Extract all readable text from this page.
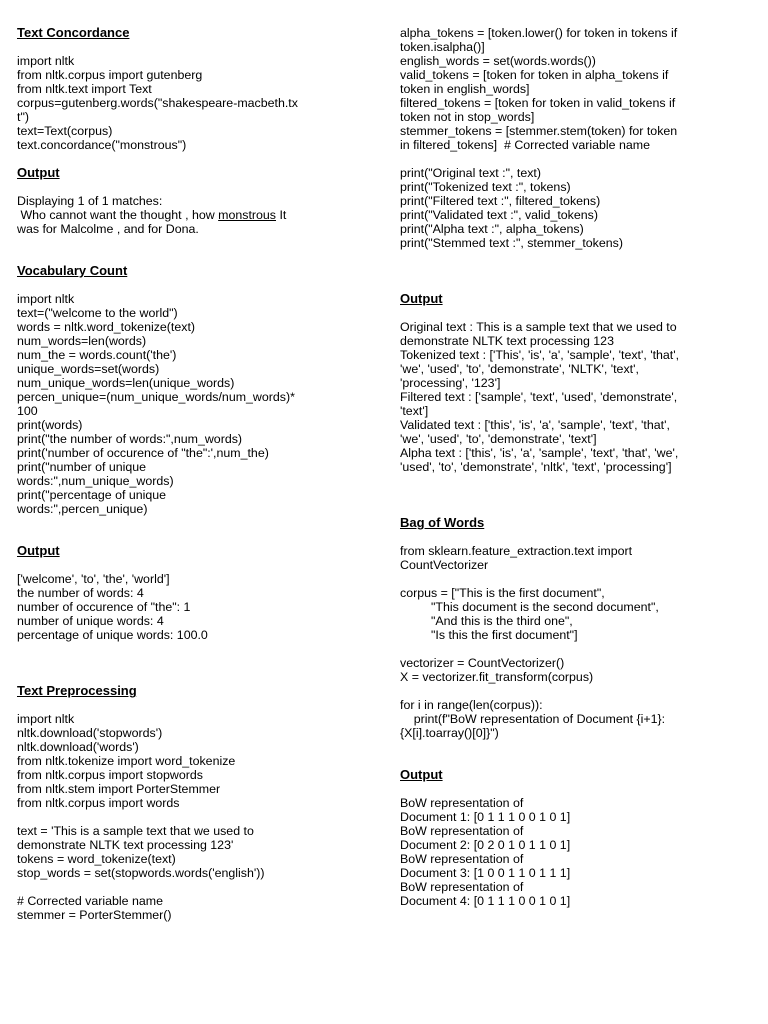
Text Concordance
import nltk
from nltk.corpus import gutenberg
from nltk.text import Text
corpus=gutenberg.words("shakespeare-macbeth.tx
t")
text=Text(corpus)
text.concordance("monstrous")
Output
Displaying 1 of 1 matches:
Who cannot want the thought , how monstrous It
was for Malcolme , and for Dona.
Vocabulary Count
import nltk
text=("welcome to the world")
words = nltk.word_tokenize(text)
num_words=len(words)
num_the = words.count('the')
unique_words=set(words)
num_unique_words=len(unique_words)
percen_unique=(num_unique_words/num_words)*
100
print(words)
print("the number of words:",num_words)
print('number of occurence of "the":',num_the)
print("number of unique
words:",num_unique_words)
print("percentage of unique
words:",percen_unique)
Output
['welcome', 'to', 'the', 'world']
the number of words: 4
number of occurence of "the": 1
number of unique words: 4
percentage of unique words: 100.0
Text Preprocessing
import nltk
nltk.download('stopwords')
nltk.download('words')
from nltk.tokenize import word_tokenize
from nltk.corpus import stopwords
from nltk.stem import PorterStemmer
from nltk.corpus import words
text = 'This is a sample text that we used to
demonstrate NLTK text processing 123'
tokens = word_tokenize(text)
stop_words = set(stopwords.words('english'))
# Corrected variable name
stemmer = PorterStemmer()
alpha_tokens = [token.lower() for token in tokens if
token.isalpha()]
english_words = set(words.words())
valid_tokens = [token for token in alpha_tokens if
token in english_words]
filtered_tokens = [token for token in valid_tokens if
token not in stop_words]
stemmer_tokens = [stemmer.stem(token) for token
in filtered_tokens]  # Corrected variable name
print("Original text :", text)
print("Tokenized text :", tokens)
print("Filtered text :", filtered_tokens)
print("Validated text :", valid_tokens)
print("Alpha text :", alpha_tokens)
print("Stemmed text :", stemmer_tokens)
Output
Original text : This is a sample text that we used to
demonstrate NLTK text processing 123
Tokenized text : ['This', 'is', 'a', 'sample', 'text', 'that',
'we', 'used', 'to', 'demonstrate', 'NLTK', 'text',
'processing', '123']
Filtered text : ['sample', 'text', 'used', 'demonstrate',
'text']
Validated text : ['this', 'is', 'a', 'sample', 'text', 'that',
'we', 'used', 'to', 'demonstrate', 'text']
Alpha text : ['this', 'is', 'a', 'sample', 'text', 'that', 'we',
'used', 'to', 'demonstrate', 'nltk', 'text', 'processing']
Bag of Words
from sklearn.feature_extraction.text import
CountVectorizer
corpus = ["This is the first document",
"This document is the second document",
"And this is the third one",
"Is this the first document"]
vectorizer = CountVectorizer()
X = vectorizer.fit_transform(corpus)
for i in range(len(corpus)):
print(f"BoW representation of Document {i+1}:
{X[i].toarray()[0]}")
Output
BoW representation of
Document 1: [0 1 1 1 0 0 1 0 1]
BoW representation of
Document 2: [0 2 0 1 0 1 1 0 1]
BoW representation of
Document 3: [1 0 0 1 1 0 1 1 1]
BoW representation of
Document 4: [0 1 1 1 0 0 1 0 1]
